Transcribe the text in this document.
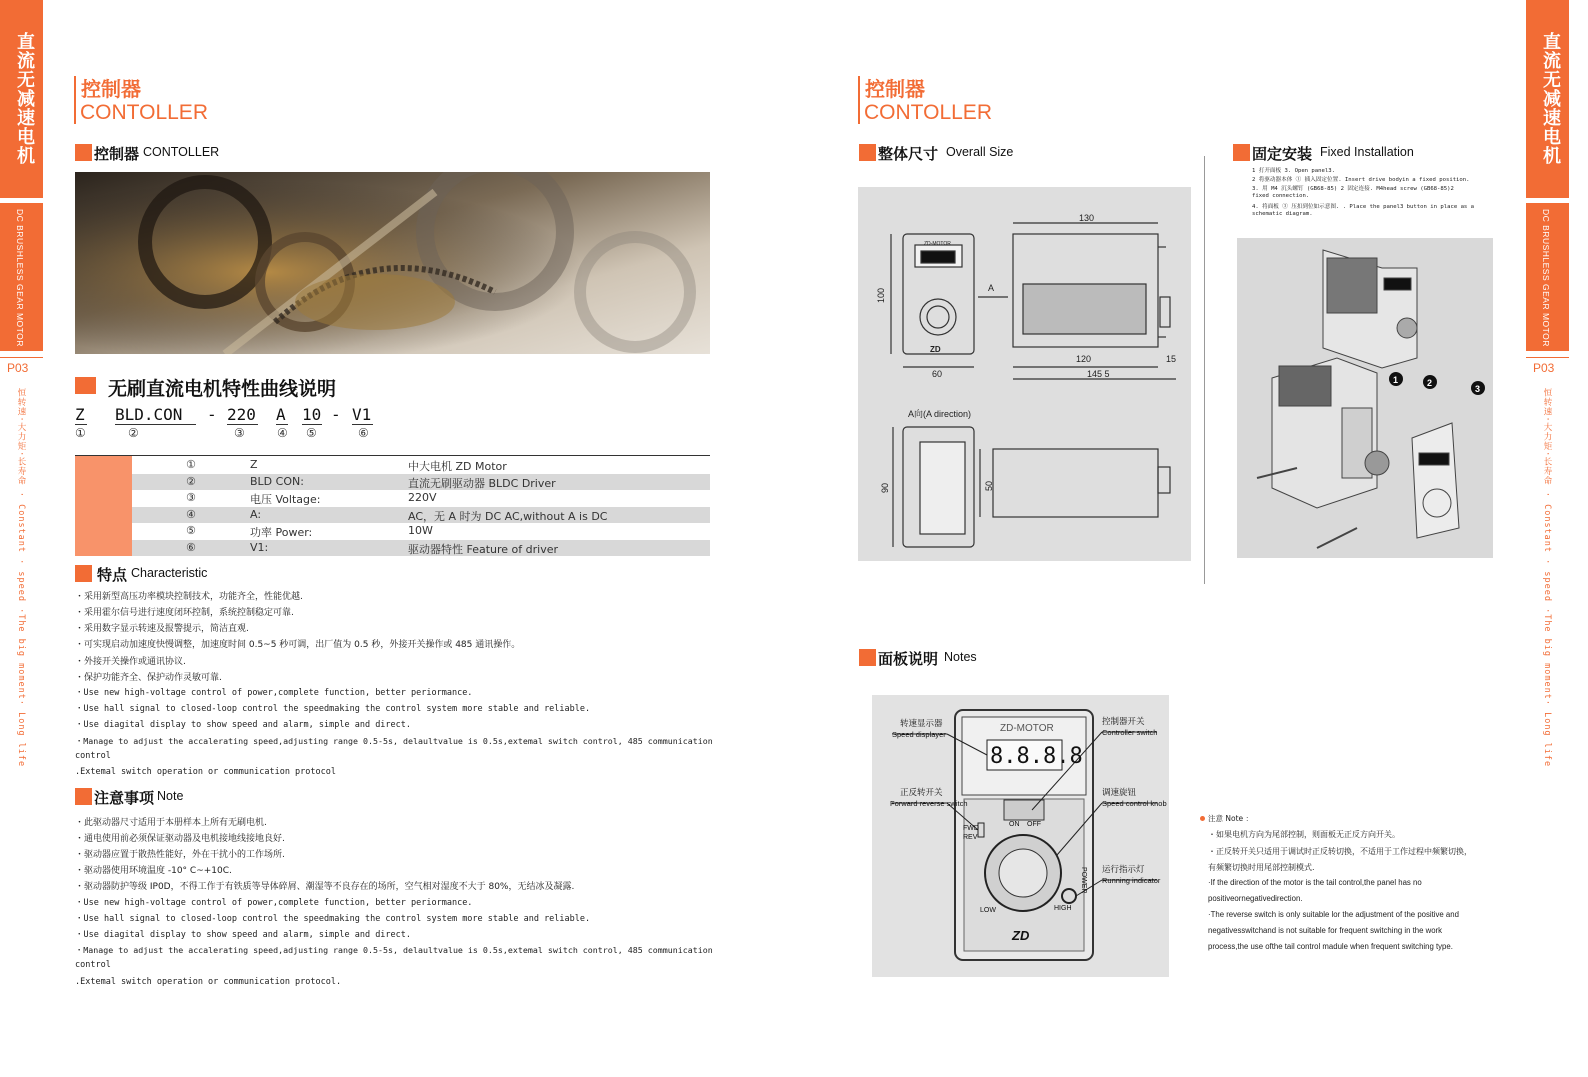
直流无减速电机
DC BRUSHLESS GEAR MOTOR
P03
恒转速·大力矩·长寿命 · Constant · speed ·The big moment· Long life
直流无减速电机
DC BRUSHLESS GEAR MOTOR
P03
恒转速·大力矩·长寿命 · Constant · speed ·The big moment· Long life
控制器
CONTOLLER
控制器 CONTOLLER
无刷直流电机特性曲线说明
Z BLD.CON - 220 A 10 - V1
①	②	③	④ ⑤	⑥
①	Z	中大电机 ZD Motor
②	BLD CON:	直流无刷驱动器 BLDC Driver
③	电压 Voltage:	220V
④	A:	AC，无 A 时为 DC AC,without A is DC
⑤	功率 Power:	10W
⑥	V1:	驱动器特性 Feature of driver
特点 Characteristic
・采用新型高压功率模块控制技术，功能齐全，性能优越.
・采用霍尔信号进行速度闭环控制，系统控制稳定可靠.
・采用数字显示转速及报警提示，简洁直观.
・可实现启动加速度快慢调整，加速度时间 0.5~5 秒可调，出厂值为 0.5 秒，外接开关操作或 485 通讯操作。
・外接开关操作或通讯协议.
・保护功能齐全、保护动作灵敏可靠.
・Use new high-voltage control of power,complete function, better periormance.
・Use hall signal to closed-loop control the speedmaking the control system more stable and reliable.
・Use diagital display to show speed and alarm, simple and direct.
・Manage to adjust the accalerating speed,adjusting range 0.5-5s, delaultvalue is 0.5s,extemal switch control, 485 communication
control
.Extemal switch operation or communication protocol
注意事项 Note
・此驱动器尺寸适用于本册样本上所有无刷电机.
・通电使用前必须保证驱动器及电机接地线接地良好.
・驱动器应置于散热性能好，外在干扰小的工作场所.
・驱动器使用环境温度 -10° C~+10C.
・驱动器防护等级 IP0D，不得工作于有铁质等导体碎屑、潮湿等不良存在的场所，空气相对湿度不大于 80%，无结冰及凝露.
・Use new high-voltage control of power,complete function, better periormance.
・Use hall signal to closed-loop control the speedmaking the control system more stable and reliable.
・Use diagital display to show speed and alarm, simple and direct.
・Manage to adjust the accalerating speed,adjusting range 0.5-5s, delaultvalue is 0.5s,extemal switch control, 485 communication
control
.Extemal switch operation or communication protocol.
控制器
CONTOLLER
整体尺寸 Overall Size	固定安装 Fixed Installation
1 打开面板 3. Open panel3.
2 将驱动器本体 ① 插入固定位置. Insert drive bodyin a fixed position.
3. 用 M4 沉头螺钉 (GB68-85) 2 固定连接. M4head screw (GB68-85)2
fixed connection.
4. 将面板 ③ 压扣到位如示意图. . Place the panel3 button in place as a
schematic diagram.
130
100
60
120
145 5
15
90	50
A
A向(A direction)
ZD-MOTOR
ZD
1	2
3
面板说明 Notes
转速显示器
Speed displayer
正反转开关
Forward reverse switch
控制器开关
Controller switch
调速旋钮
Speed control knob
运行指示灯
Running indicator
ZD-MOTOR
8.8.8.8
ON OFF
FWD
REV
LOW	HIGH
POWER
ZD
注意 Note ：
・如果电机方向为尾部控制，则面板无正反方向开关。
・正反转开关只适用于调试时正反转切换，不适用于工作过程中频繁切换，
有频繁切换时用尾部控制模式.
·If the direction of the motor is the tail control,the panel has no
positiveornegativedirection.
·The reverse switch is only suitable lor the adjustment of the positive and
negativesswitchand is not suitable for frequent switching in the work
process,the use ofthe tail control madule when frequent switching type.
